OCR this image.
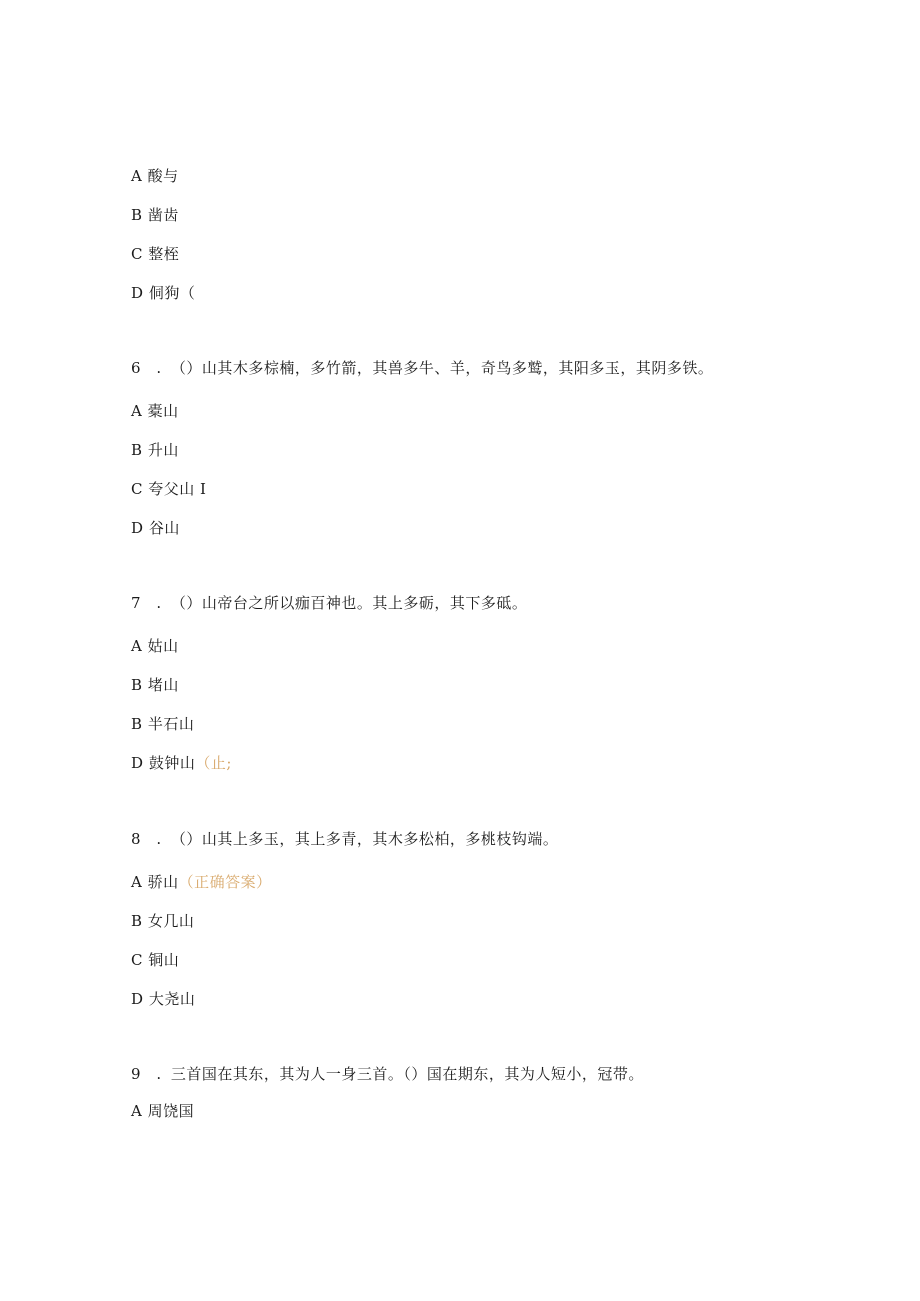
A 酸与
B 凿齿
C 整桎
D 侗狗（
6 . （）山其木多棕楠，多竹箭，其兽多牛、羊，奇鸟多鹫，其阳多玉，其阴多铁。
A 橐山
B 升山
C 夸父山 I
D 谷山
7 . （）山帝台之所以痂百神也。其上多砺，其下多砥。
A 姑山
B 堵山
B 半石山
D 鼓钟山（止;
8 . （）山其上多玉，其上多青，其木多松柏，多桃枝钩端。
A 骄山（正确答案）
B 女几山
C 铜山
D 大尧山
9 . 三首国在其东，其为人一身三首。（）国在期东，其为人短小，冠带。
A 周饶国
